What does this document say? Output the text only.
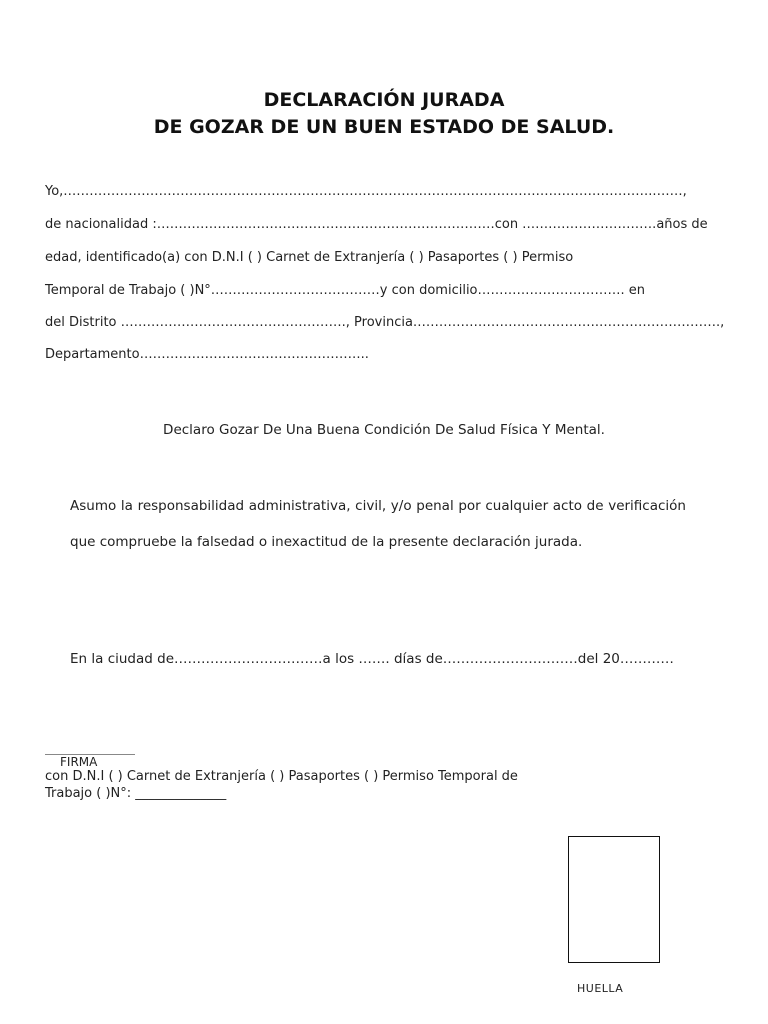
DECLARACIÓN JURADA
DE GOZAR DE UN BUEN ESTADO DE SALUD.
Yo,………………………………………………………………………………………………………………………..……,
de nacionalidad :……………………………………………………………………con ………………………….años de
edad, identificado(a) con D.N.I ( ) Carnet de Extranjería ( ) Pasaportes ( ) Permiso
Temporal de Trabajo ( )N°…………………………………y con domicilio……………………………. en
del Distrito ……………………………………………., Provincia…………………………………….……………………….,
Departamento……………………………………………..
Declaro Gozar De Una Buena Condición De Salud Física Y Mental.
Asumo la responsabilidad administrativa, civil, y/o penal por cualquier acto de verificación que compruebe la falsedad o inexactitud de la presente declaración jurada.
En la ciudad de……………………………a los ……. días de…………………………del 20…………
FIRMA
con D.N.I ( ) Carnet de Extranjería ( ) Pasaportes ( ) Permiso Temporal de
Trabajo ( )N°: ______________
HUELLA
